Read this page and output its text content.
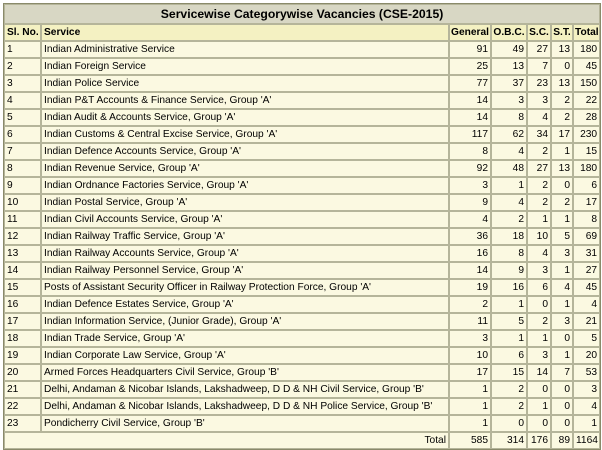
Servicewise Categorywise Vacancies (CSE-2015)						
Sl. No.	Service	General	O.B.C.	S.C.	S.T.	Total
1	Indian Administrative Service	91	49	27	13	180
2	Indian Foreign Service	25	13	7	0	45
3	Indian Police Service	77	37	23	13	150
4	Indian P&T Accounts & Finance Service, Group 'A'	14	3	3	2	22
5	Indian Audit & Accounts Service, Group 'A'	14	8	4	2	28
6	Indian Customs & Central Excise Service, Group 'A'	117	62	34	17	230
7	Indian Defence Accounts Service, Group 'A'	8	4	2	1	15
8	Indian Revenue Service, Group 'A'	92	48	27	13	180
9	Indian Ordnance Factories Service, Group 'A'	3	1	2	0	6
10	Indian Postal Service, Group 'A'	9	4	2	2	17
11	Indian Civil Accounts Service, Group 'A'	4	2	1	1	8
12	Indian Railway Traffic Service, Group 'A'	36	18	10	5	69
13	Indian Railway Accounts Service, Group 'A'	16	8	4	3	31
14	Indian Railway Personnel Service, Group 'A'	14	9	3	1	27
15	Posts of Assistant Security Officer in Railway Protection Force, Group 'A'	19	16	6	4	45
16	Indian Defence Estates Service, Group 'A'	2	1	0	1	4
17	Indian Information Service, (Junior Grade), Group 'A'	11	5	2	3	21
18	Indian Trade Service, Group 'A'	3	1	1	0	5
19	Indian Corporate Law Service, Group 'A'	10	6	3	1	20
20	Armed Forces Headquarters Civil Service, Group 'B'	17	15	14	7	53
21	Delhi, Andaman & Nicobar Islands, Lakshadweep, D D & NH Civil Service, Group 'B'	1	2	0	0	3
22	Delhi, Andaman & Nicobar Islands, Lakshadweep, D D & NH Police Service, Group 'B'	1	2	1	0	4
23	Pondicherry Civil Service, Group 'B'	1	0	0	0	1
Total		585	314	176	89	1164
